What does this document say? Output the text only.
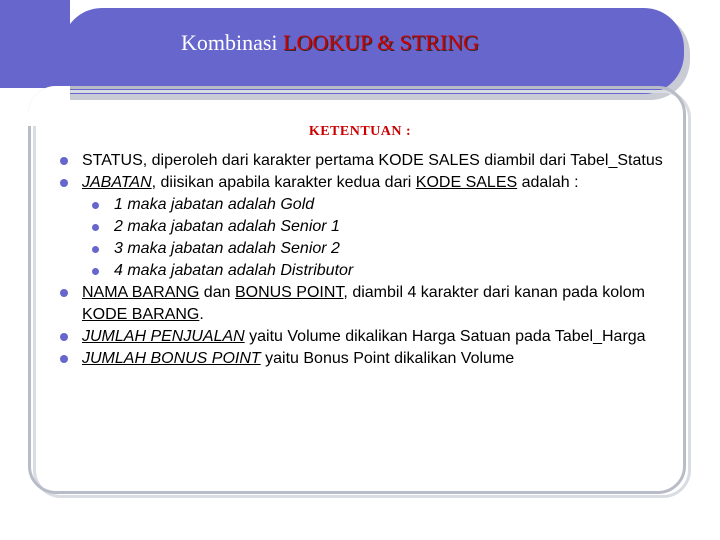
Kombinasi LOOKUP & STRING
KETENTUAN :
STATUS, diperoleh dari karakter pertama KODE SALES diambil dari Tabel_Status
JABATAN, diisikan apabila karakter kedua dari KODE SALES adalah :
1 maka jabatan adalah Gold
2 maka jabatan adalah Senior 1
3 maka jabatan adalah Senior 2
4 maka jabatan adalah Distributor
NAMA BARANG dan BONUS POINT, diambil 4 karakter dari kanan pada kolom KODE BARANG.
JUMLAH PENJUALAN yaitu Volume dikalikan Harga Satuan pada Tabel_Harga
JUMLAH BONUS POINT yaitu Bonus Point dikalikan Volume
